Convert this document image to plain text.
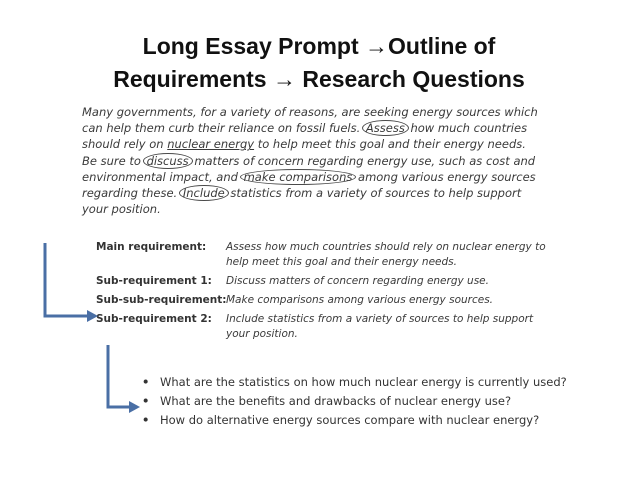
Long Essay Prompt →Outline of
Requirements → Research Questions
Many governments, for a variety of reasons, are seeking energy sources which
can help them curb their reliance on fossil fuels. Assess how much countries
should rely on nuclear energy to help meet this goal and their energy needs.
Be sure to discuss matters of concern regarding energy use, such as cost and
environmental impact, and make comparisons among various energy sources
regarding these. Include statistics from a variety of sources to help support
your position.
Main requirement: Assess how much countries should rely on nuclear energy to help meet this goal and their energy needs.
Sub-requirement 1: Discuss matters of concern regarding energy use.
Sub-sub-requirement: Make comparisons among various energy sources.
Sub-requirement 2: Include statistics from a variety of sources to help support your position.
• What are the statistics on how much nuclear energy is currently used?
• What are the benefits and drawbacks of nuclear energy use?
• How do alternative energy sources compare with nuclear energy?
